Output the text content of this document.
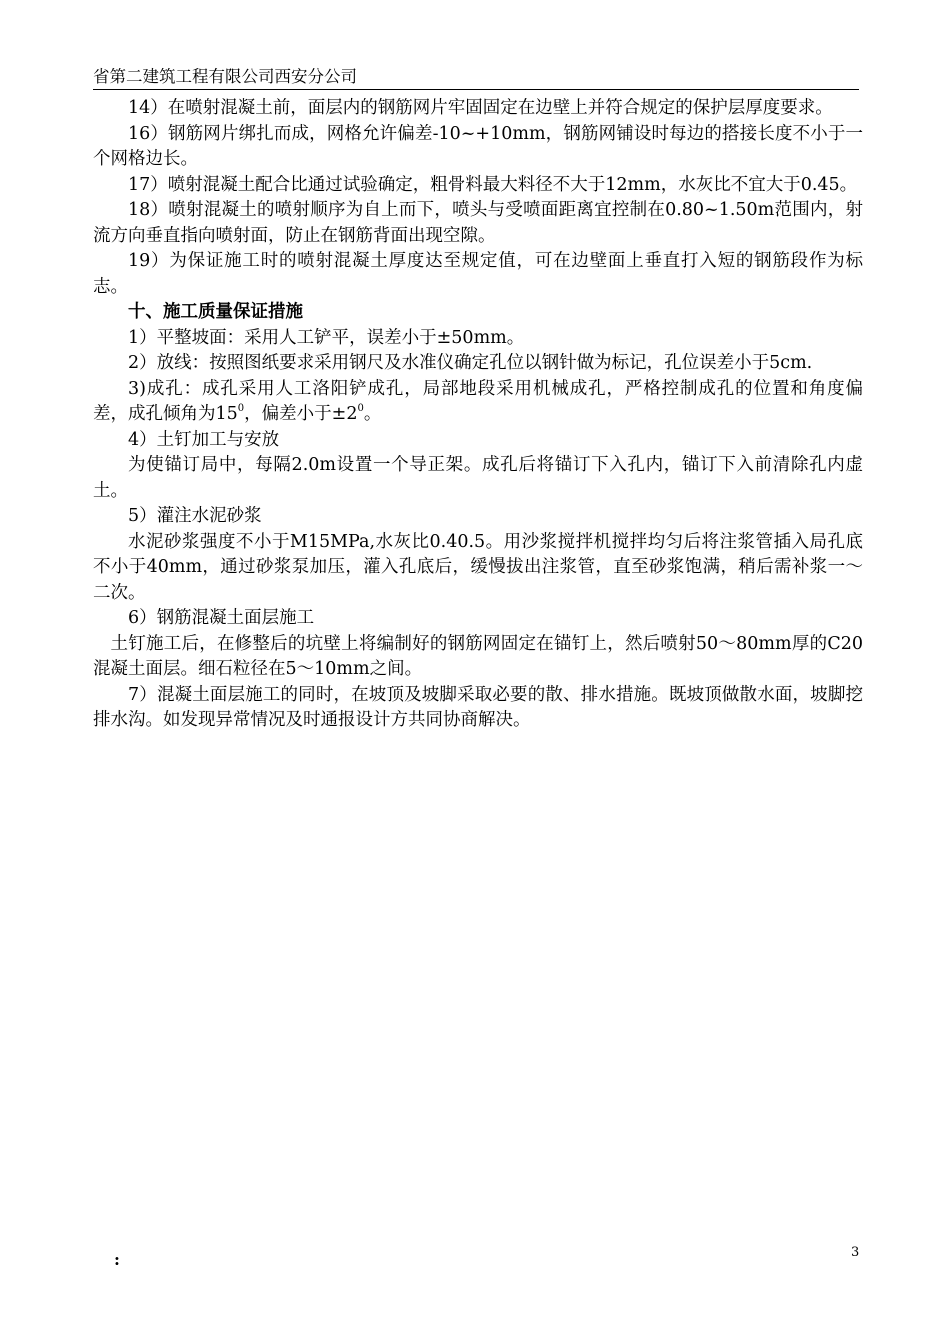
省第二建筑工程有限公司西安分公司

14）在喷射混凝土前，面层内的钢筋网片牢固固定在边壁上并符合规定的保护层厚度要求。

16）钢筋网片绑扎而成，网格允许偏差-10~+10mm，钢筋网铺设时每边的搭接长度不小于一个网格边长。

17）喷射混凝土配合比通过试验确定，粗骨料最大料径不大于12mm，水灰比不宜大于0.45。

18）喷射混凝土的喷射顺序为自上而下，喷头与受喷面距离宜控制在0.80~1.50m范围内，射流方向垂直指向喷射面，防止在钢筋背面出现空隙。

19）为保证施工时的喷射混凝土厚度达至规定值，可在边壁面上垂直打入短的钢筋段作为标志。

十、施工质量保证措施

1）平整坡面：采用人工铲平，误差小于±50mm。

2）放线：按照图纸要求采用钢尺及水准仪确定孔位以钢针做为标记，孔位误差小于5cm.

3)成孔：成孔采用人工洛阳铲成孔，局部地段采用机械成孔，严格控制成孔的位置和角度偏差，成孔倾角为$15^0$，偏差小于$\pm 2^0$。

4）土钉加工与安放

为使锚订局中，每隔2.0m设置一个导正架。成孔后将锚订下入孔内，锚订下入前清除孔内虚土。

5）灌注水泥砂浆

水泥砂浆强度不小于M15MPa,水灰比0.40.5。用沙浆搅拌机搅拌均匀后将注浆管插入局孔底不小于40mm，通过砂浆泵加压，灌入孔底后，缓慢拔出注浆管，直至砂浆饱满，稍后需补浆一～二次。

6）钢筋混凝土面层施工

土钉施工后，在修整后的坑壁上将编制好的钢筋网固定在锚钉上，然后喷射50～80mm厚的C20混凝土面层。细石粒径在5～10mm之间。

7）混凝土面层施工的同时，在坡顶及坡脚采取必要的散、排水措施。既坡顶做散水面，坡脚挖排水沟。如发现异常情况及时通报设计方共同协商解决。

:	3
